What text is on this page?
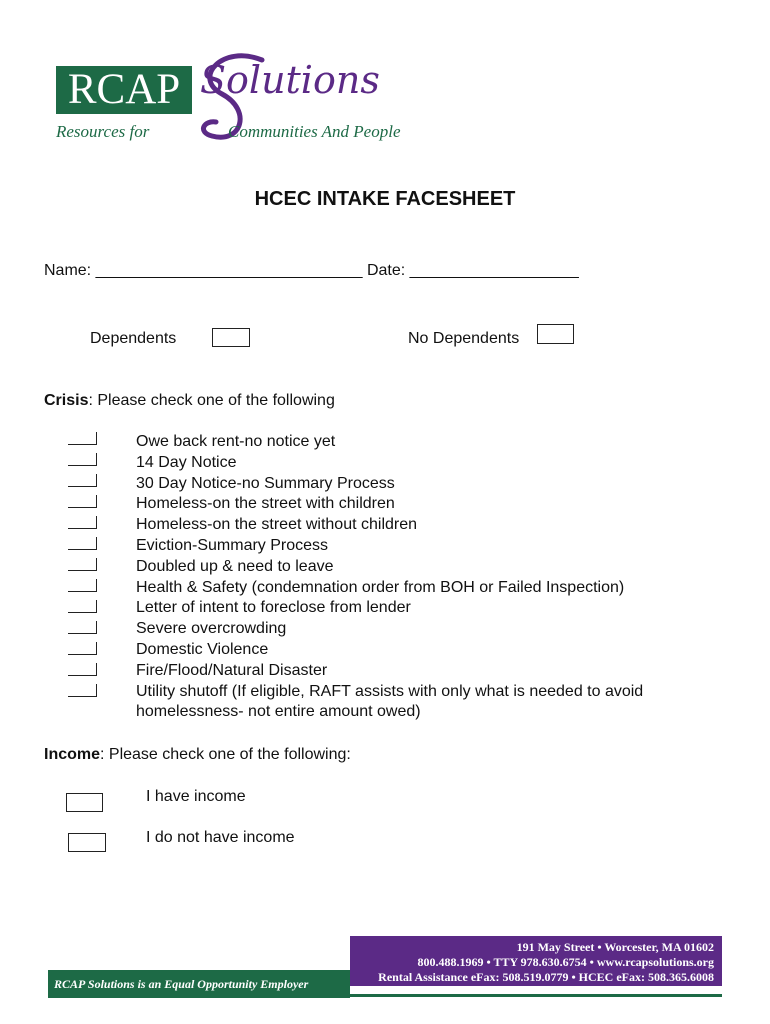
RCAP Solutions
Resources for	Communities And People
HCEC INTAKE FACESHEET
Name: ______________________________ Date: ___________________
Dependents	No Dependents
Crisis: Please check one of the following
Owe back rent-no notice yet
14 Day Notice
30 Day Notice-no Summary Process
Homeless-on the street with children
Homeless-on the street without children
Eviction-Summary Process
Doubled up & need to leave
Health & Safety (condemnation order from BOH or Failed Inspection)
Letter of intent to foreclose from lender
Severe overcrowding
Domestic Violence
Fire/Flood/Natural Disaster
Utility shutoff (If eligible, RAFT assists with only what is needed to avoid
homelessness- not entire amount owed)
Income: Please check one of the following:
I have income
I do not have income
191 May Street • Worcester, MA 01602
800.488.1969 • TTY 978.630.6754 • www.rcapsolutions.org
Rental Assistance eFax: 508.519.0779 • HCEC eFax: 508.365.6008
RCAP Solutions is an Equal Opportunity Employer
